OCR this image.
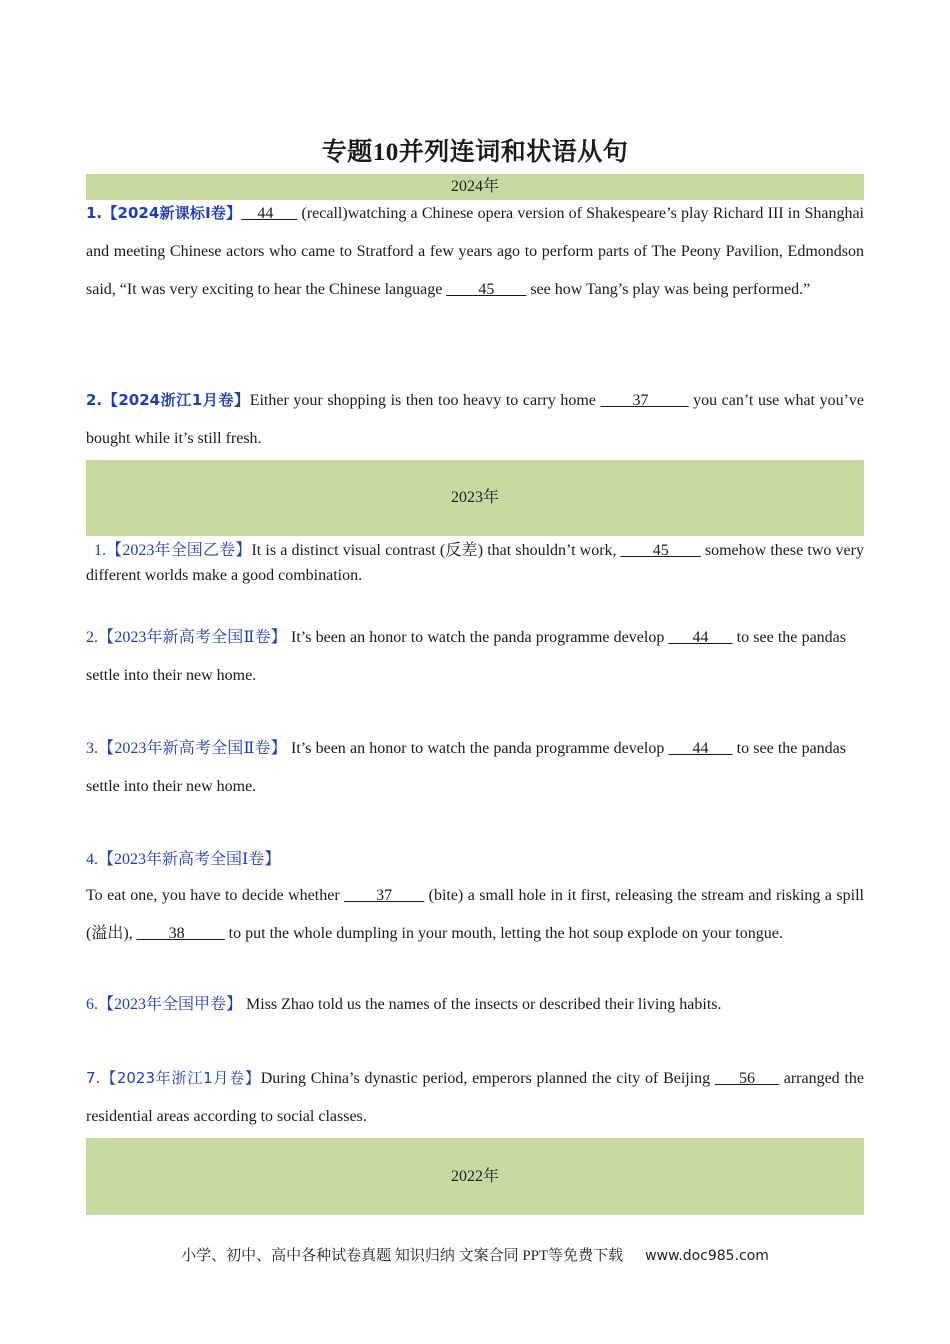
专题10并列连词和状语从句
2024年
1.【2024新课标Ⅰ卷】__44___ (recall)watching a Chinese opera version of Shakespeare’s play Richard III in Shanghai and meeting Chinese actors who came to Stratford a few years ago to perform parts of The Peony Pavilion, Edmondson said, “It was very exciting to hear the Chinese language ____45____ see how Tang’s play was being performed.”
2.【2024浙江1月卷】Either your shopping is then too heavy to carry home ____37_____ you can’t use what you’ve bought while it’s still fresh.
2023年
1.【2023年全国乙卷】It is a distinct visual contrast (反差) that shouldn’t work, ____45____ somehow these two very different worlds make a good combination.
2.【2023年新高考全国Ⅱ卷】 It’s been an honor to watch the panda programme develop ___44___ to see the pandas settle into their new home.
3.【2023年新高考全国Ⅱ卷】 It’s been an honor to watch the panda programme develop ___44___ to see the pandas settle into their new home.
4.【2023年新高考全国Ⅰ卷】
To eat one, you have to decide whether ____37____ (bite) a small hole in it first, releasing the stream and risking a spill (溢出), ____38_____ to put the whole dumpling in your mouth, letting the hot soup explode on your tongue.
6.【2023年全国甲卷】 Miss Zhao told us the names of the insects or described their living habits.
7.【2023年浙江1月卷】During China’s dynastic period, emperors planned the city of Beijing ___56___ arranged the residential areas according to social classes.
2022年
小学、初中、高中各种试卷真题 知识归纳 文案合同 PPT等免费下载 www.doc985.com
